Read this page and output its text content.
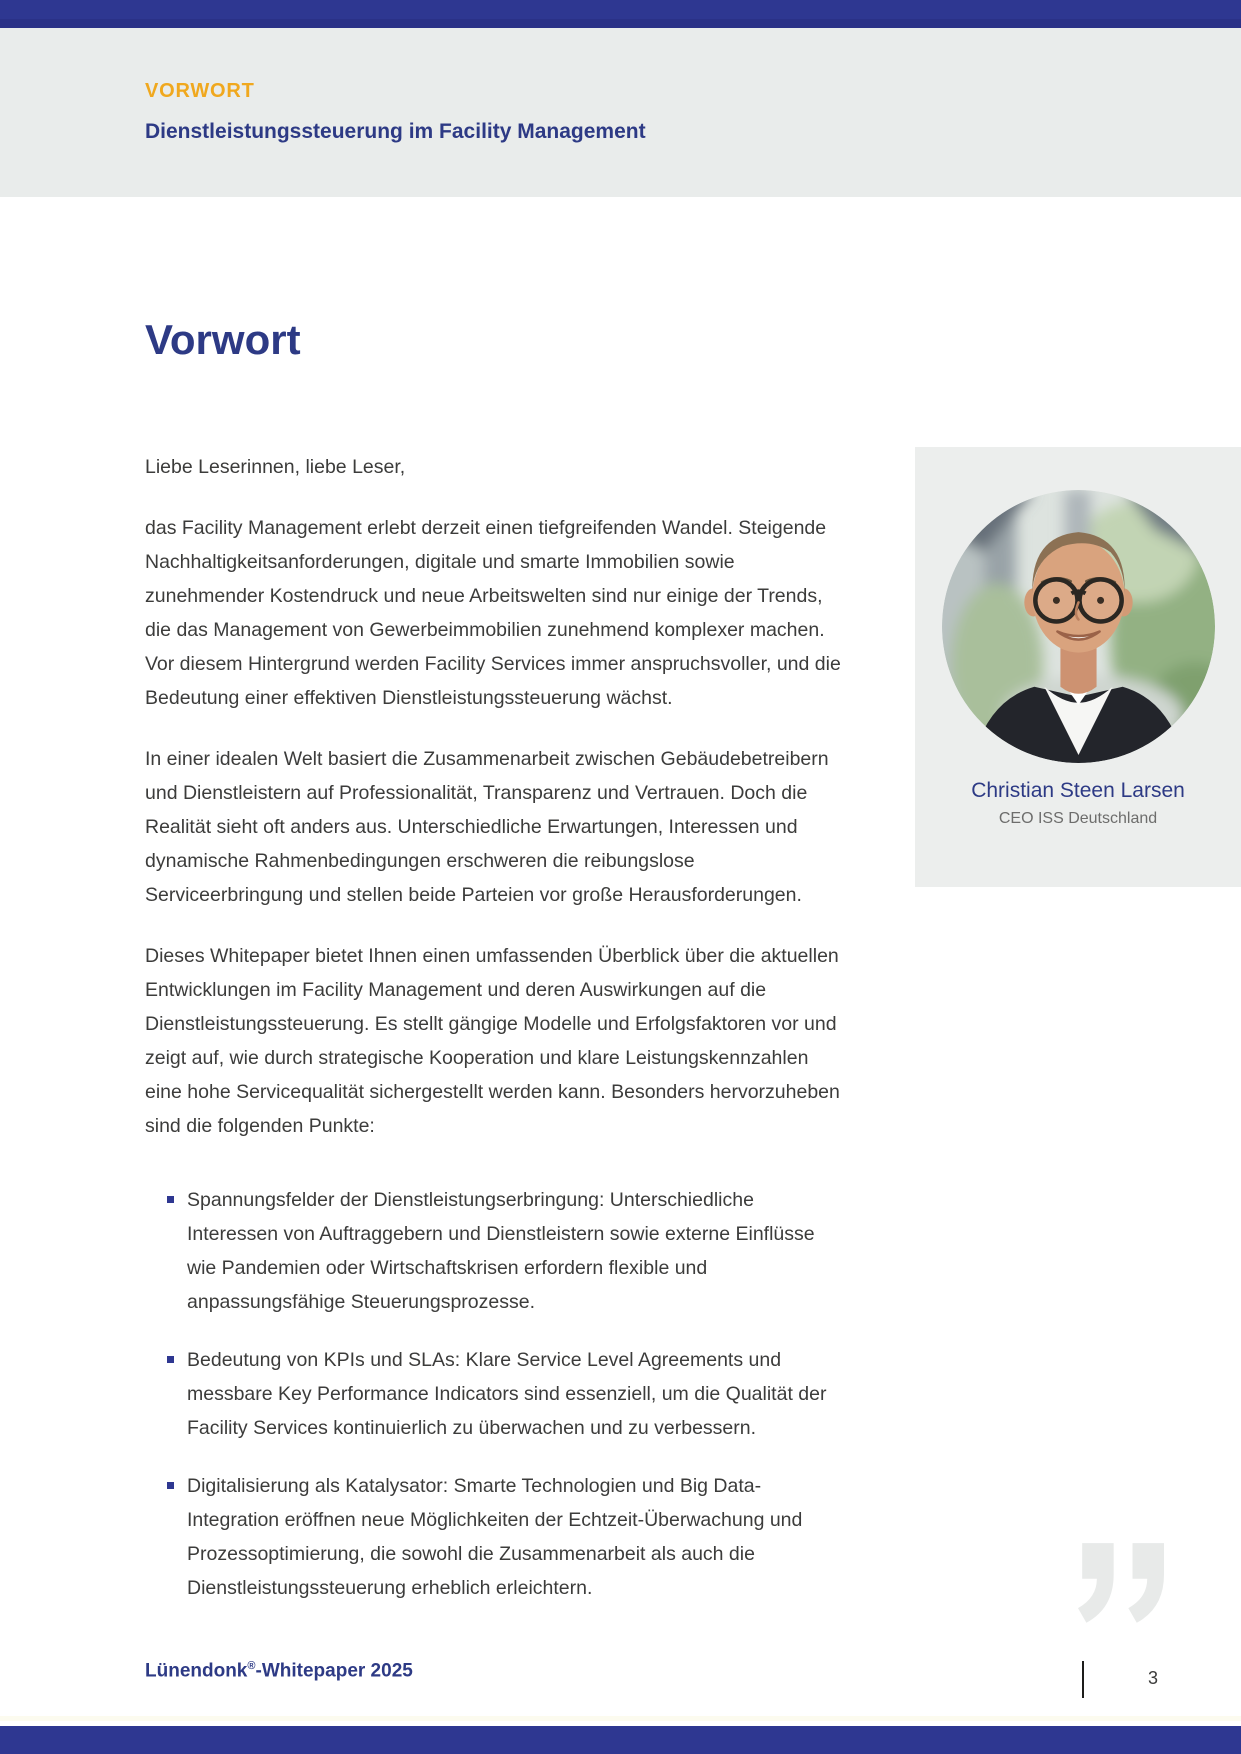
VORWORT
Dienstleistungssteuerung im Facility Management
Vorwort

Liebe Leserinnen, liebe Leser,

das Facility Management erlebt derzeit einen tiefgreifenden Wandel. Steigende Nachhaltigkeitsanforderungen, digitale und smarte Immobilien sowie zunehmender Kostendruck und neue Arbeitswelten sind nur einige der Trends, die das Management von Gewerbeimmobilien zunehmend komplexer machen. Vor diesem Hintergrund werden Facility Services immer anspruchsvoller, und die Bedeutung einer effektiven Dienstleistungssteuerung wächst.

In einer idealen Welt basiert die Zusammenarbeit zwischen Gebäudebetreibern und Dienstleistern auf Professionalität, Transparenz und Vertrauen. Doch die Realität sieht oft anders aus. Unterschiedliche Erwartungen, Interessen und dynamische Rahmenbedingungen erschweren die reibungslose Serviceerbringung und stellen beide Parteien vor große Herausforderungen.

Dieses Whitepaper bietet Ihnen einen umfassenden Überblick über die aktuellen Entwicklungen im Facility Management und deren Auswirkungen auf die Dienstleistungssteuerung. Es stellt gängige Modelle und Erfolgsfaktoren vor und zeigt auf, wie durch strategische Kooperation und klare Leistungskennzahlen eine hohe Servicequalität sichergestellt werden kann. Besonders hervorzuheben sind die folgenden Punkte:

Spannungsfelder der Dienstleistungserbringung: Unterschiedliche Interessen von Auftraggebern und Dienstleistern sowie externe Einflüsse wie Pandemien oder Wirtschaftskrisen erfordern flexible und anpassungsfähige Steuerungsprozesse.
Bedeutung von KPIs und SLAs: Klare Service Level Agreements und messbare Key Performance Indicators sind essenziell, um die Qualität der Facility Services kontinuierlich zu überwachen und zu verbessern.
Digitalisierung als Katalysator: Smarte Technologien und Big Data-Integration eröffnen neue Möglichkeiten der Echtzeit-Überwachung und Prozessoptimierung, die sowohl die Zusammenarbeit als auch die Dienstleistungssteuerung erheblich erleichtern.
Christian Steen Larsen
CEO ISS Deutschland
Lünendonk®-Whitepaper 2025	3
